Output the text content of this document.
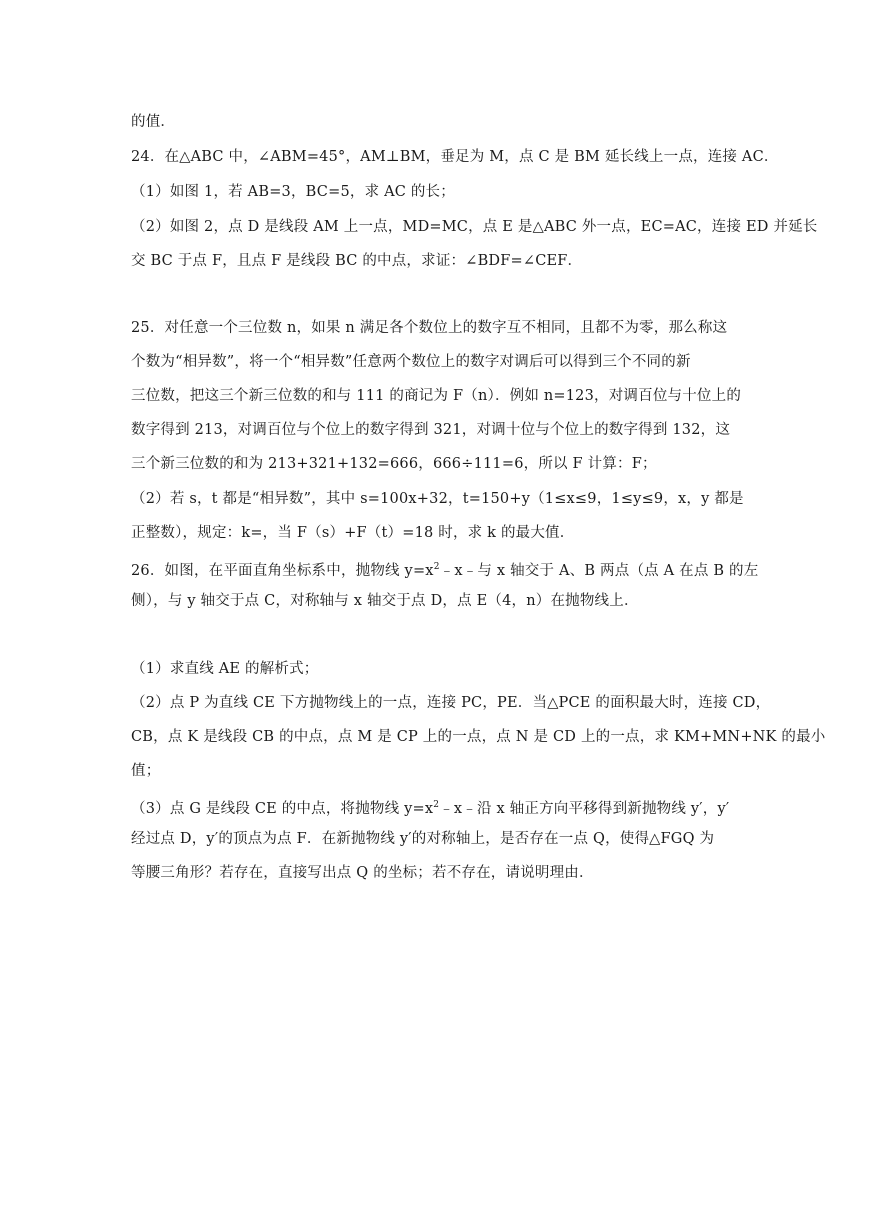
的值．
24．在△ABC 中，∠ABM=45°，AM⊥BM，垂足为 M，点 C 是 BM 延长线上一点，连接 AC．
（1）如图 1，若 AB=3，BC=5，求 AC 的长；
（2）如图 2，点 D 是线段 AM 上一点，MD=MC，点 E 是△ABC 外一点，EC=AC，连接 ED 并延长
交 BC 于点 F，且点 F 是线段 BC 的中点，求证：∠BDF=∠CEF．
25．对任意一个三位数 n，如果 n 满足各个数位上的数字互不相同，且都不为零，那么称这
个数为“相异数”，将一个“相异数”任意两个数位上的数字对调后可以得到三个不同的新
三位数，把这三个新三位数的和与 111 的商记为 F（n）．例如 n=123，对调百位与十位上的
数字得到 213，对调百位与个位上的数字得到 321，对调十位与个位上的数字得到 132，这
三个新三位数的和为 213+321+132=666，666÷111=6，所以 F 计算：F；
（2）若 s，t 都是“相异数”，其中 s=100x+32，t=150+y（1≤x≤9，1≤y≤9，x，y 都是
正整数），规定：k=，当 F（s）+F（t）=18 时，求 k 的最大值．
26．如图，在平面直角坐标系中，抛物线 $y=x^2﹣x﹣$与 x 轴交于 A、B 两点（点 A 在点 B 的左
侧），与 y 轴交于点 C，对称轴与 x 轴交于点 D，点 E（4，n）在抛物线上．
（1）求直线 AE 的解析式；
（2）点 P 为直线 CE 下方抛物线上的一点，连接 PC，PE．当△PCE 的面积最大时，连接 CD，
CB，点 K 是线段 CB 的中点，点 M 是 CP 上的一点，点 N 是 CD 上的一点，求 KM+MN+NK 的最小
值；
（3）点 G 是线段 CE 的中点，将抛物线 $y=x^2﹣x﹣$沿 x 轴正方向平移得到新抛物线 y′，y′
经过点 D，y′的顶点为点 F．在新抛物线 y′的对称轴上，是否存在一点 Q，使得△FGQ 为
等腰三角形？若存在，直接写出点 Q 的坐标；若不存在，请说明理由．
